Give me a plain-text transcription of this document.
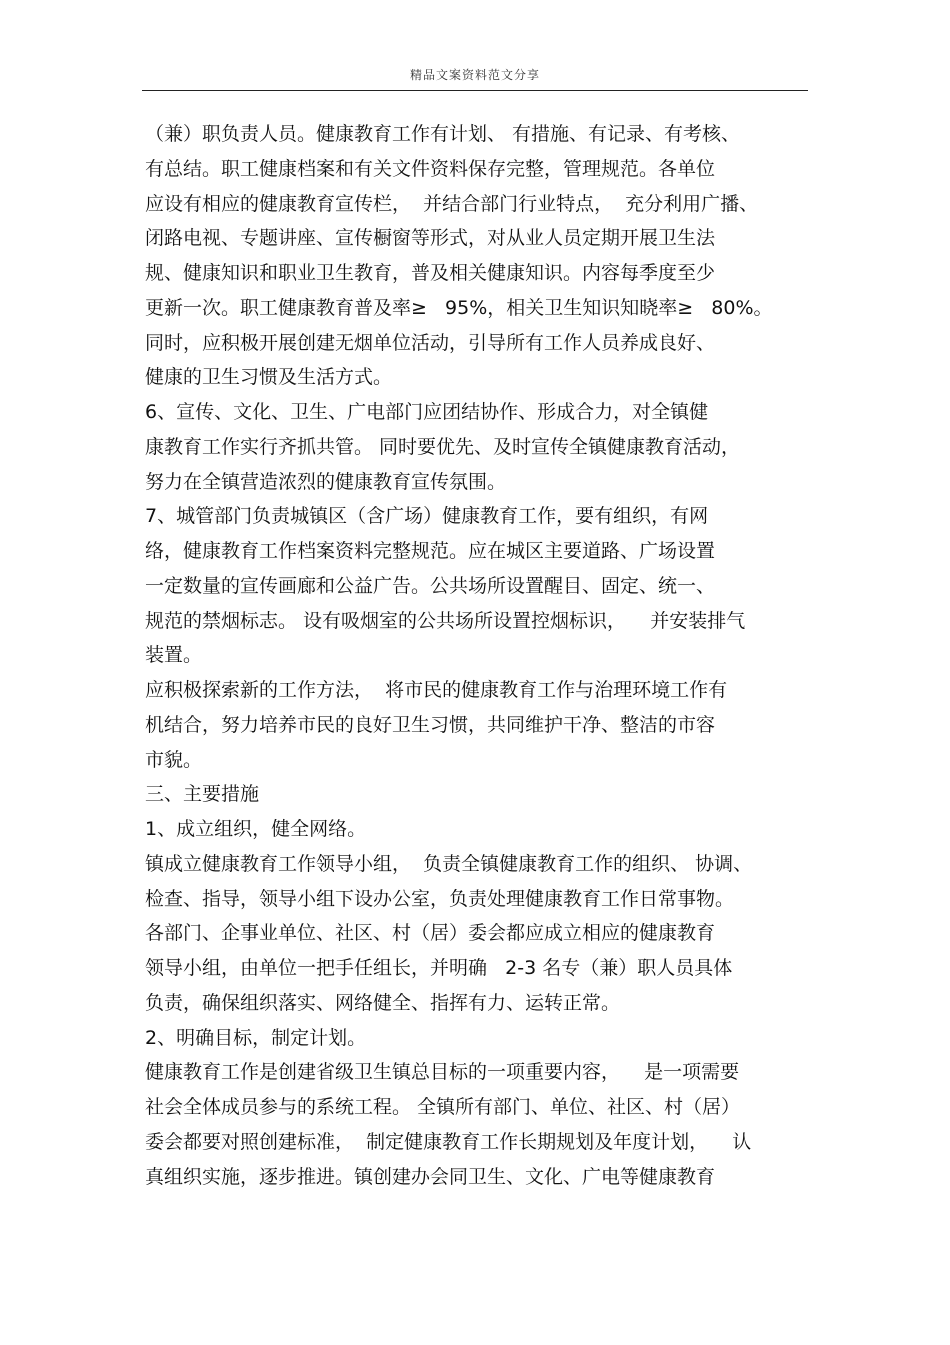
精品文案资料范文分享
（兼）职负责人员。健康教育工作有计划、 有措施、有记录、有考核、
有总结。职工健康档案和有关文件资料保存完整，管理规范。各单位
应设有相应的健康教育宣传栏，  并结合部门行业特点，  充分利用广播、
闭路电视、专题讲座、宣传橱窗等形式，对从业人员定期开展卫生法
规、健康知识和职业卫生教育，普及相关健康知识。内容每季度至少
更新一次。职工健康教育普及率≥   95%，相关卫生知识知晓率≥   80%。
同时，应积极开展创建无烟单位活动，引导所有工作人员养成良好、
健康的卫生习惯及生活方式。
6、宣传、文化、卫生、广电部门应团结协作、形成合力，对全镇健
康教育工作实行齐抓共管。 同时要优先、及时宣传全镇健康教育活动，
努力在全镇营造浓烈的健康教育宣传氛围。
7、城管部门负责城镇区（含广场）健康教育工作，要有组织，有网
络，健康教育工作档案资料完整规范。应在城区主要道路、广场设置
一定数量的宣传画廊和公益广告。公共场所设置醒目、固定、统一、
规范的禁烟标志。 设有吸烟室的公共场所设置控烟标识，    并安装排气
装置。
应积极探索新的工作方法，  将市民的健康教育工作与治理环境工作有
机结合，努力培养市民的良好卫生习惯，共同维护干净、整洁的市容
市貌。
三、主要措施
1、成立组织，健全网络。
镇成立健康教育工作领导小组，  负责全镇健康教育工作的组织、 协调、
检查、指导，领导小组下设办公室，负责处理健康教育工作日常事物。
各部门、企事业单位、社区、村（居）委会都应成立相应的健康教育
领导小组，由单位一把手任组长，并明确   2-3 名专（兼）职人员具体
负责，确保组织落实、网络健全、指挥有力、运转正常。
2、明确目标，制定计划。
健康教育工作是创建省级卫生镇总目标的一项重要内容，    是一项需要
社会全体成员参与的系统工程。 全镇所有部门、单位、社区、村（居）
委会都要对照创建标准，  制定健康教育工作长期规划及年度计划，    认
真组织实施，逐步推进。镇创建办会同卫生、文化、广电等健康教育
